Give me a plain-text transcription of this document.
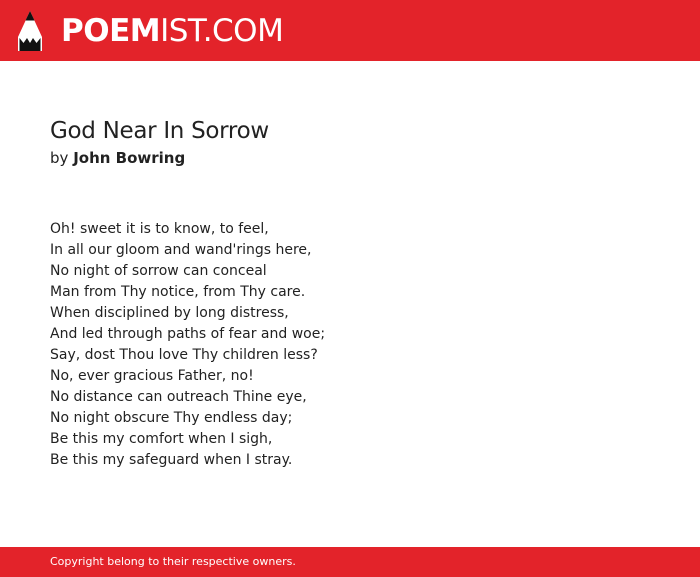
POEMIST.COM
God Near In Sorrow
by John Bowring
Oh! sweet it is to know, to feel,
In all our gloom and wand'rings here,
No night of sorrow can conceal
Man from Thy notice, from Thy care.
When disciplined by long distress,
And led through paths of fear and woe;
Say, dost Thou love Thy children less?
No, ever gracious Father, no!
No distance can outreach Thine eye,
No night obscure Thy endless day;
Be this my comfort when I sigh,
Be this my safeguard when I stray.
Copyright belong to their respective owners.
